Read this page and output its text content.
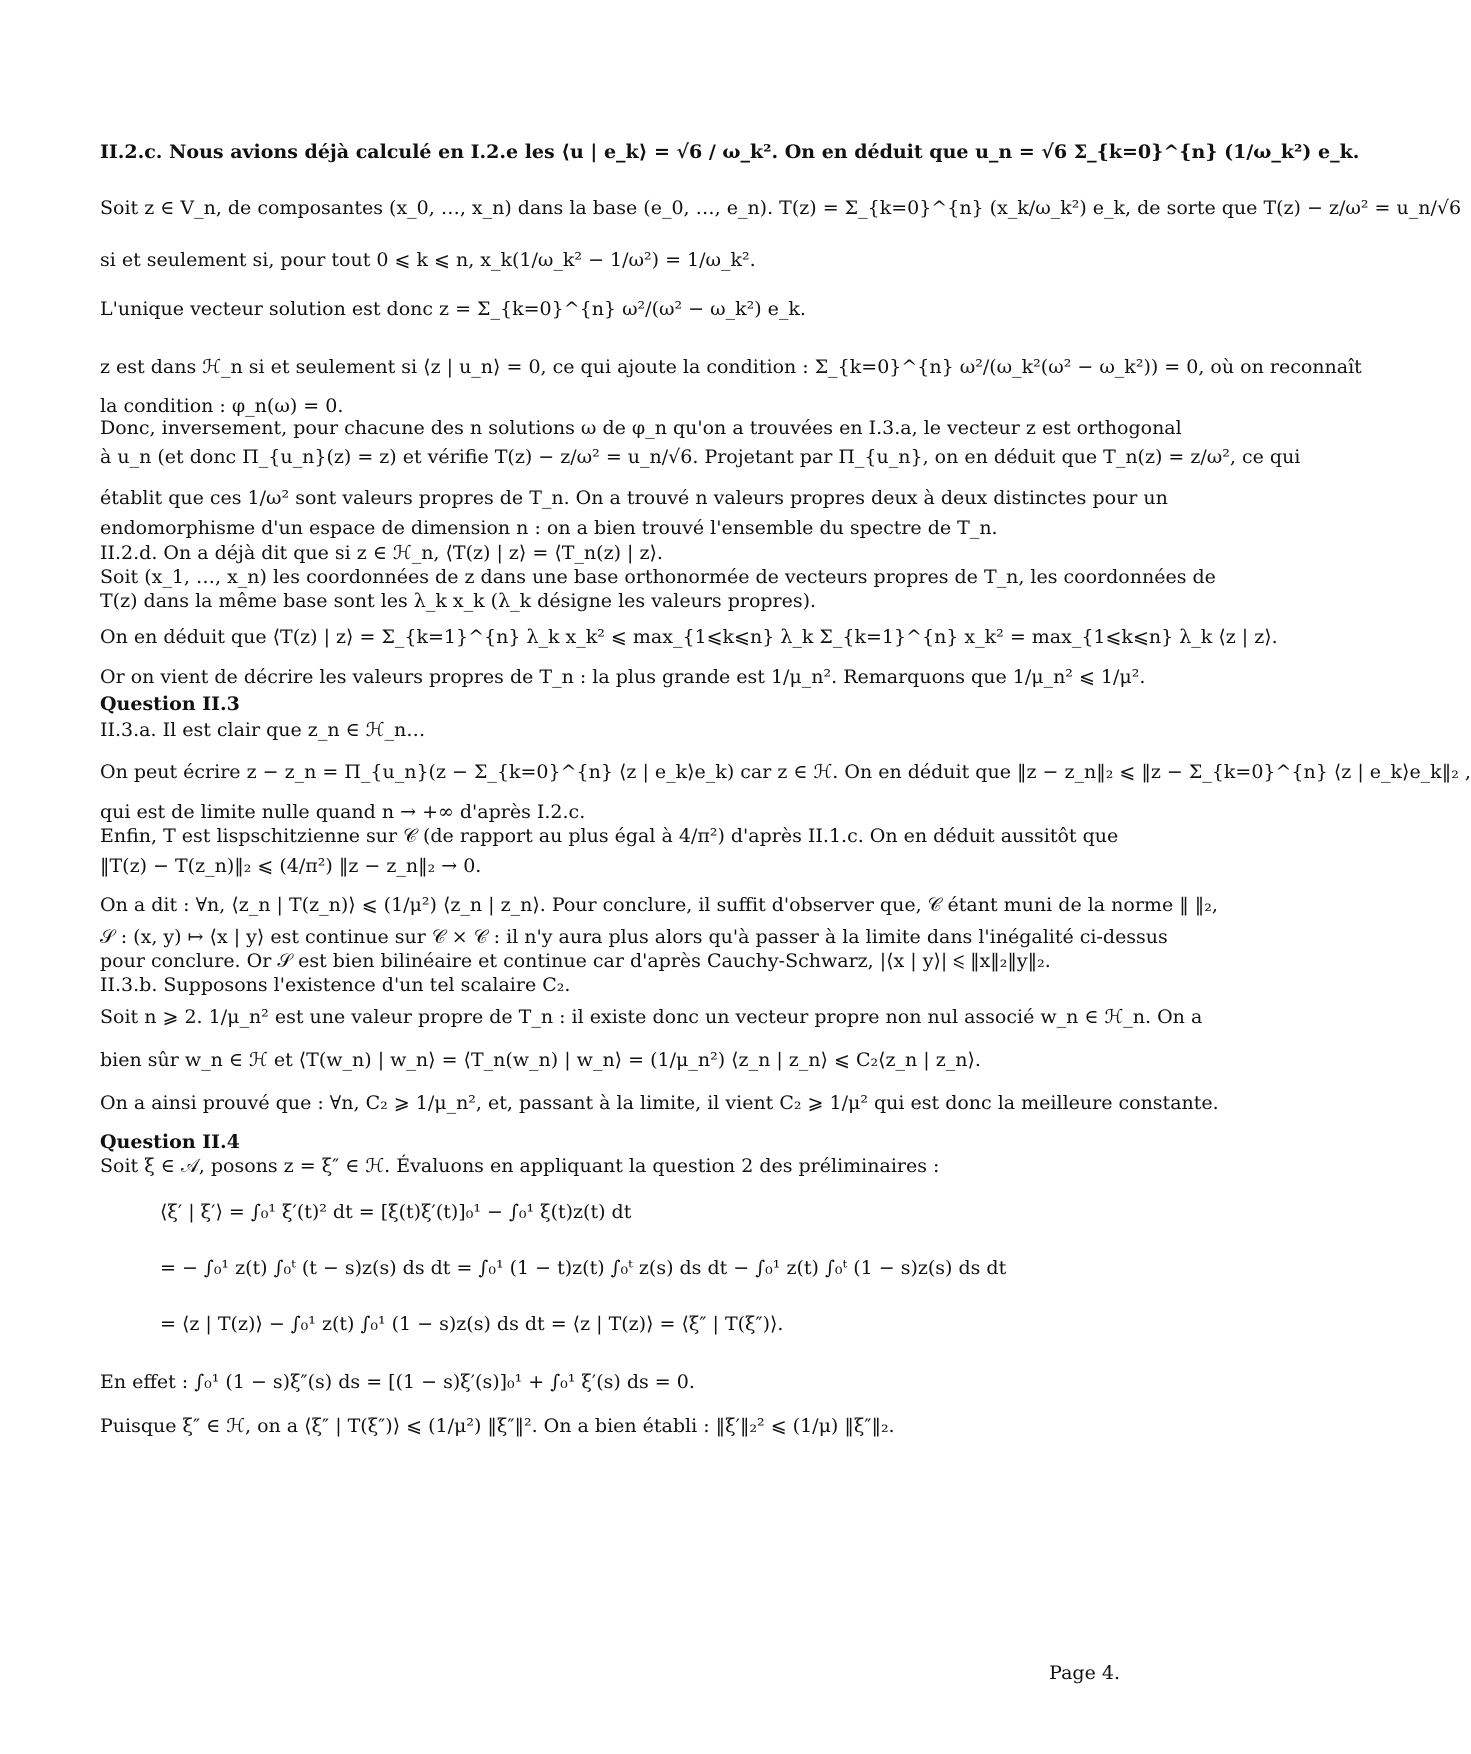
II.2.c. Nous avions déjà calculé en I.2.e les ⟨u | e_k⟩ = √6 / ω_k². On en déduit que u_n = √6 Σ_{k=0}^{n} (1/ω_k²) e_k.
Soit z ∈ V_n, de composantes (x_0, …, x_n) dans la base (e_0, …, e_n). T(z) = Σ_{k=0}^{n} (x_k/ω_k²) e_k, de sorte que T(z) − z/ω² = u_n/√6
si et seulement si, pour tout 0 ⩽ k ⩽ n, x_k(1/ω_k² − 1/ω²) = 1/ω_k².
L'unique vecteur solution est donc z = Σ_{k=0}^{n} ω²/(ω² − ω_k²) e_k.
z est dans ℋ_n si et seulement si ⟨z | u_n⟩ = 0, ce qui ajoute la condition : Σ_{k=0}^{n} ω²/(ω_k²(ω² − ω_k²)) = 0, où on reconnaît
la condition : φ_n(ω) = 0.
Donc, inversement, pour chacune des n solutions ω de φ_n qu'on a trouvées en I.3.a, le vecteur z est orthogonal
à u_n (et donc Π_{u_n}(z) = z) et vérifie T(z) − z/ω² = u_n/√6. Projetant par Π_{u_n}, on en déduit que T_n(z) = z/ω², ce qui
établit que ces 1/ω² sont valeurs propres de T_n. On a trouvé n valeurs propres deux à deux distinctes pour un
endomorphisme d'un espace de dimension n : on a bien trouvé l'ensemble du spectre de T_n.
II.2.d. On a déjà dit que si z ∈ ℋ_n, ⟨T(z) | z⟩ = ⟨T_n(z) | z⟩.
Soit (x_1, …, x_n) les coordonnées de z dans une base orthonormée de vecteurs propres de T_n, les coordonnées de
T(z) dans la même base sont les λ_k x_k (λ_k désigne les valeurs propres).
On en déduit que ⟨T(z) | z⟩ = Σ_{k=1}^{n} λ_k x_k² ⩽ max_{1⩽k⩽n} λ_k Σ_{k=1}^{n} x_k² = max_{1⩽k⩽n} λ_k ⟨z | z⟩.
Or on vient de décrire les valeurs propres de T_n : la plus grande est 1/μ_n². Remarquons que 1/μ_n² ⩽ 1/μ².
Question II.3
II.3.a. Il est clair que z_n ∈ ℋ_n…
On peut écrire z − z_n = Π_{u_n}(z − Σ_{k=0}^{n} ⟨z | e_k⟩e_k) car z ∈ ℋ. On en déduit que ‖z − z_n‖₂ ⩽ ‖z − Σ_{k=0}^{n} ⟨z | e_k⟩e_k‖₂ ,
qui est de limite nulle quand n → +∞ d'après I.2.c.
Enfin, T est lispschitzienne sur 𝒞 (de rapport au plus égal à 4/π²) d'après II.1.c. On en déduit aussitôt que
‖T(z) − T(z_n)‖₂ ⩽ (4/π²) ‖z − z_n‖₂ → 0.
On a dit : ∀n, ⟨z_n | T(z_n)⟩ ⩽ (1/μ²) ⟨z_n | z_n⟩. Pour conclure, il suffit d'observer que, 𝒞 étant muni de la norme ‖ ‖₂,
𝒮 : (x, y) ↦ ⟨x | y⟩ est continue sur 𝒞 × 𝒞 : il n'y aura plus alors qu'à passer à la limite dans l'inégalité ci-dessus
pour conclure. Or 𝒮 est bien bilinéaire et continue car d'après Cauchy-Schwarz, |⟨x | y⟩| ⩽ ‖x‖₂‖y‖₂.
II.3.b. Supposons l'existence d'un tel scalaire C₂.
Soit n ⩾ 2. 1/μ_n² est une valeur propre de T_n : il existe donc un vecteur propre non nul associé w_n ∈ ℋ_n. On a
bien sûr w_n ∈ ℋ et ⟨T(w_n) | w_n⟩ = ⟨T_n(w_n) | w_n⟩ = (1/μ_n²) ⟨z_n | z_n⟩ ⩽ C₂⟨z_n | z_n⟩.
On a ainsi prouvé que : ∀n, C₂ ⩾ 1/μ_n², et, passant à la limite, il vient C₂ ⩾ 1/μ² qui est donc la meilleure constante.
Question II.4
Soit ξ ∈ 𝒜, posons z = ξ″ ∈ ℋ. Évaluons en appliquant la question 2 des préliminaires :
⟨ξ′ | ξ′⟩ = ∫₀¹ ξ′(t)² dt = [ξ(t)ξ′(t)]₀¹ − ∫₀¹ ξ(t)z(t) dt
= − ∫₀¹ z(t) ∫₀ᵗ (t − s)z(s) ds dt = ∫₀¹ (1 − t)z(t) ∫₀ᵗ z(s) ds dt − ∫₀¹ z(t) ∫₀ᵗ (1 − s)z(s) ds dt
= ⟨z | T(z)⟩ − ∫₀¹ z(t) ∫₀¹ (1 − s)z(s) ds dt = ⟨z | T(z)⟩ = ⟨ξ″ | T(ξ″)⟩.
En effet : ∫₀¹ (1 − s)ξ″(s) ds = [(1 − s)ξ′(s)]₀¹ + ∫₀¹ ξ′(s) ds = 0.
Puisque ξ″ ∈ ℋ, on a ⟨ξ″ | T(ξ″)⟩ ⩽ (1/μ²) ‖ξ″‖². On a bien établi : ‖ξ′‖₂² ⩽ (1/μ) ‖ξ″‖₂.
Page 4.
